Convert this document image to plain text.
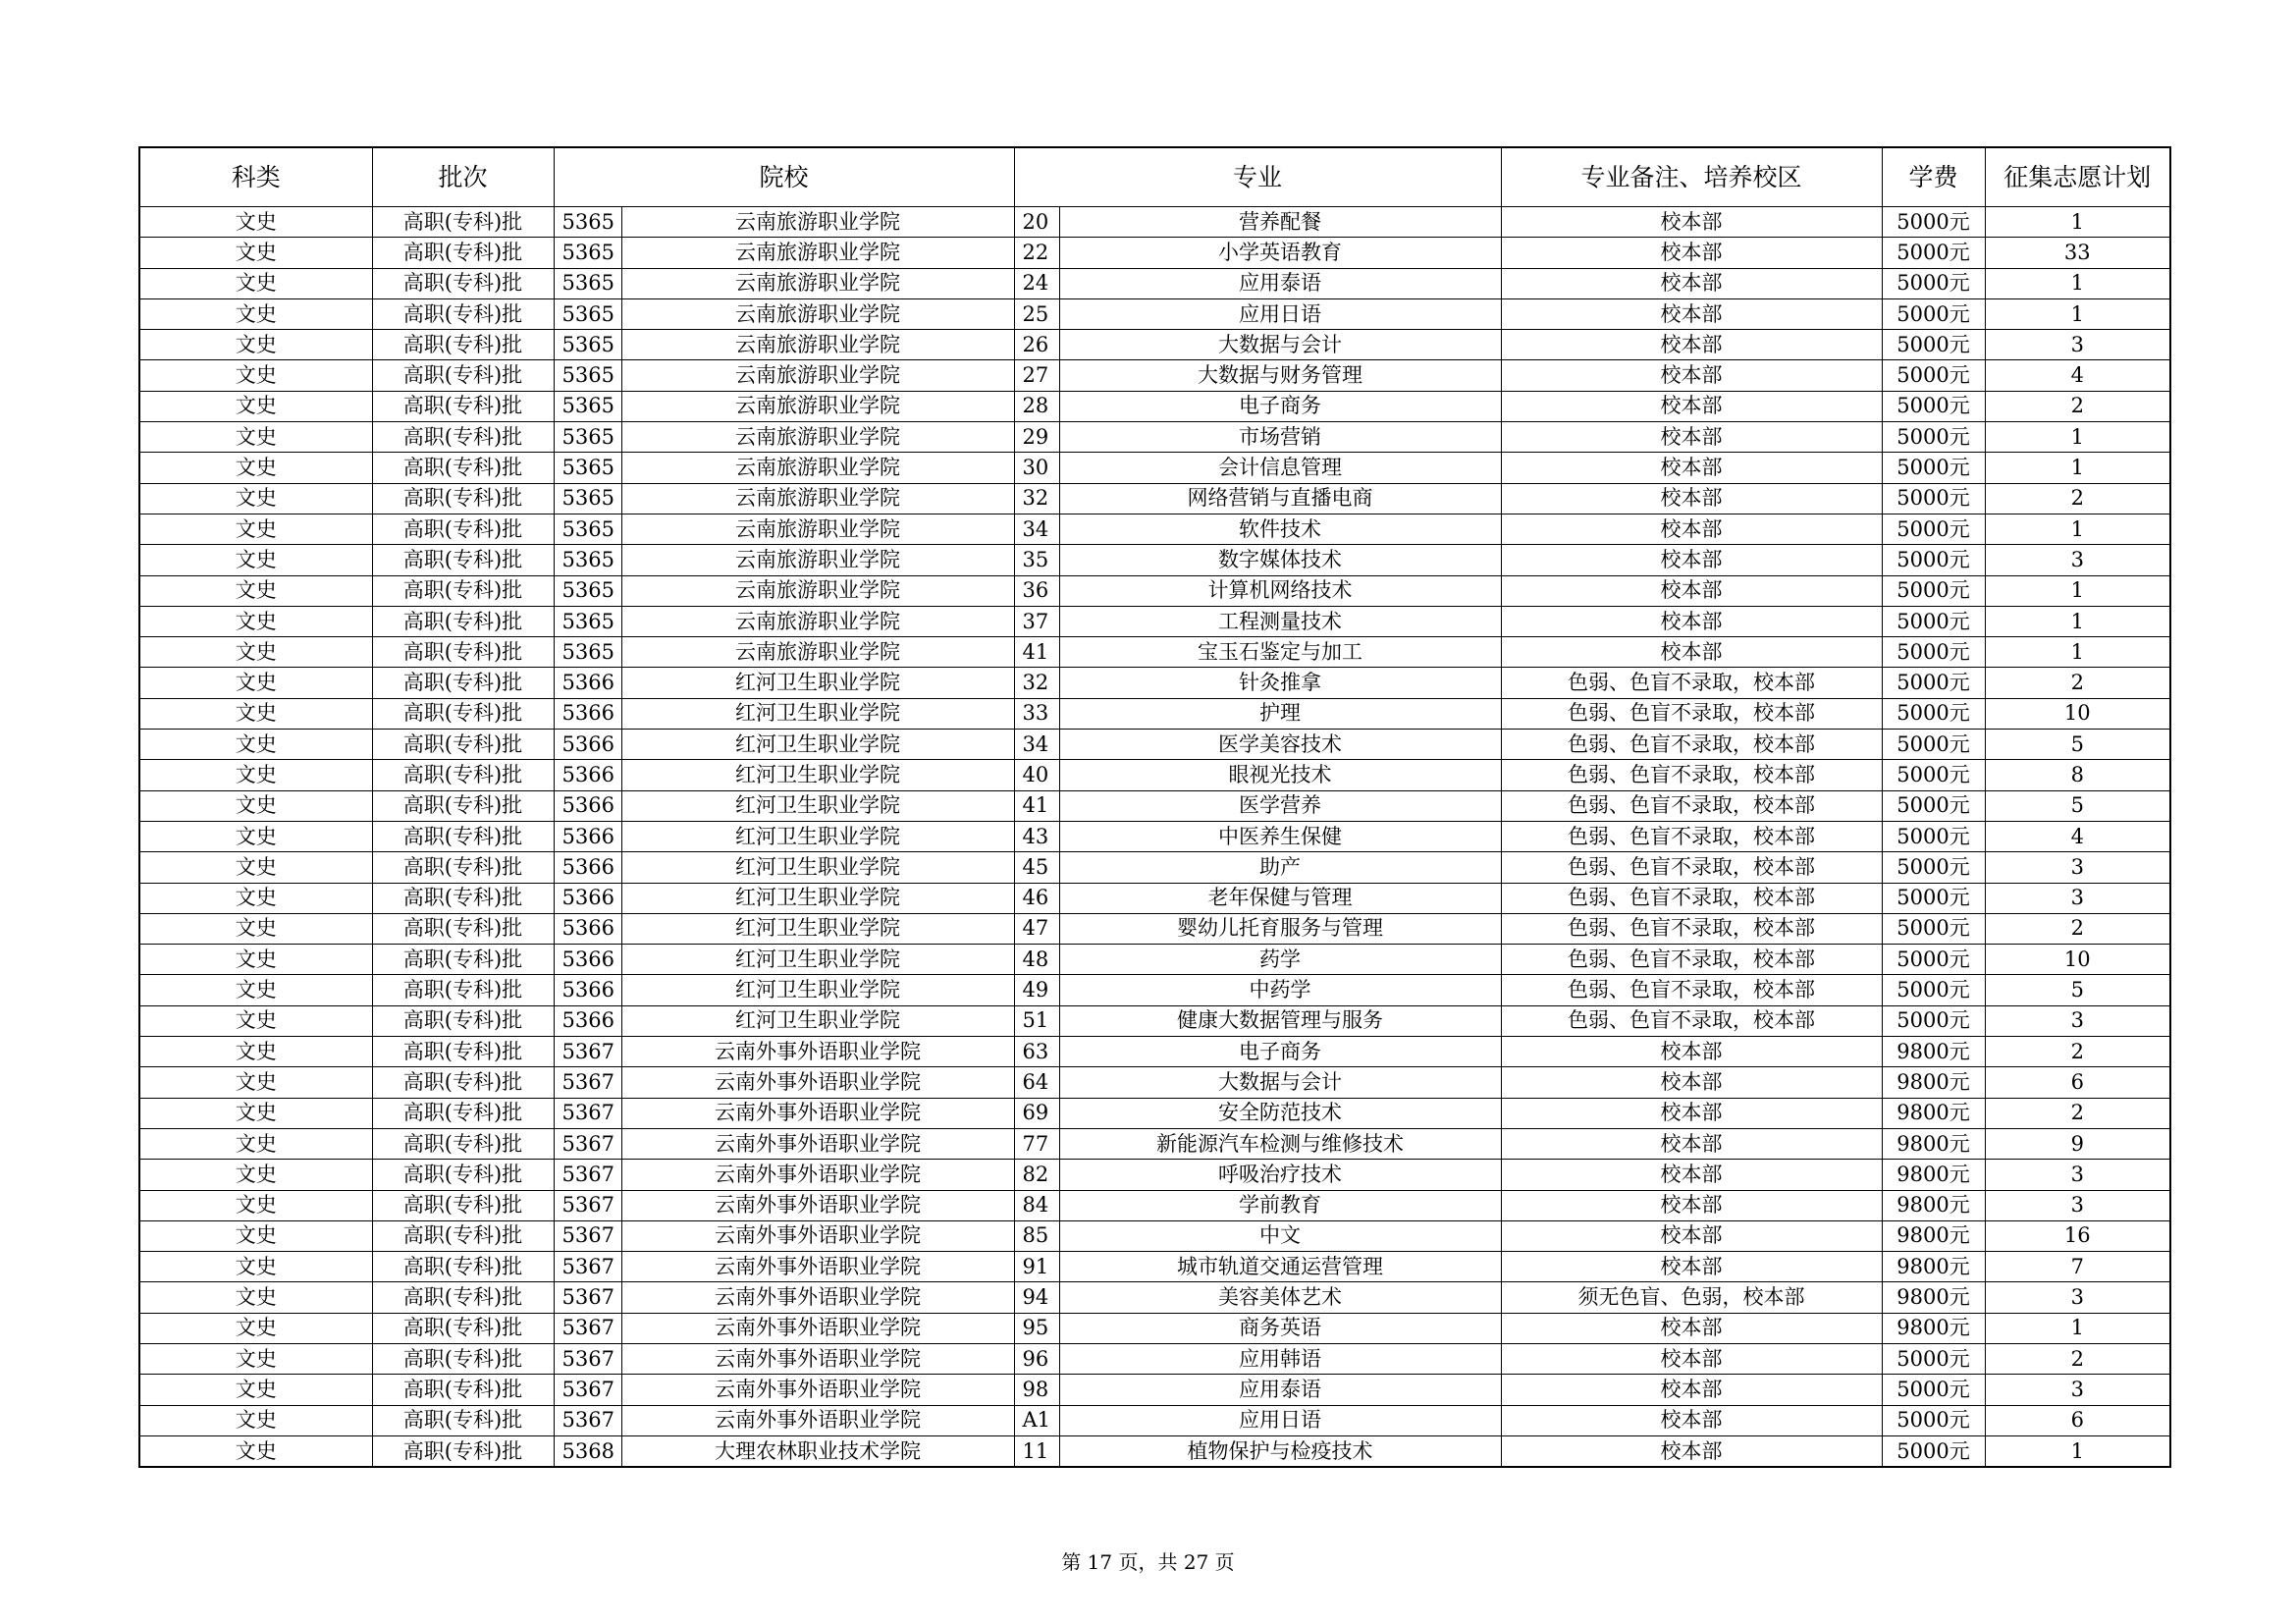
科类	批次	院校		专业		专业备注、培养校区	学费	征集志愿计划
文史	高职(专科)批	5365	云南旅游职业学院	20	营养配餐	校本部	5000元	1
文史	高职(专科)批	5365	云南旅游职业学院	22	小学英语教育	校本部	5000元	33
文史	高职(专科)批	5365	云南旅游职业学院	24	应用泰语	校本部	5000元	1
文史	高职(专科)批	5365	云南旅游职业学院	25	应用日语	校本部	5000元	1
文史	高职(专科)批	5365	云南旅游职业学院	26	大数据与会计	校本部	5000元	3
文史	高职(专科)批	5365	云南旅游职业学院	27	大数据与财务管理	校本部	5000元	4
文史	高职(专科)批	5365	云南旅游职业学院	28	电子商务	校本部	5000元	2
文史	高职(专科)批	5365	云南旅游职业学院	29	市场营销	校本部	5000元	1
文史	高职(专科)批	5365	云南旅游职业学院	30	会计信息管理	校本部	5000元	1
文史	高职(专科)批	5365	云南旅游职业学院	32	网络营销与直播电商	校本部	5000元	2
文史	高职(专科)批	5365	云南旅游职业学院	34	软件技术	校本部	5000元	1
文史	高职(专科)批	5365	云南旅游职业学院	35	数字媒体技术	校本部	5000元	3
文史	高职(专科)批	5365	云南旅游职业学院	36	计算机网络技术	校本部	5000元	1
文史	高职(专科)批	5365	云南旅游职业学院	37	工程测量技术	校本部	5000元	1
文史	高职(专科)批	5365	云南旅游职业学院	41	宝玉石鉴定与加工	校本部	5000元	1
文史	高职(专科)批	5366	红河卫生职业学院	32	针灸推拿	色弱、色盲不录取，校本部	5000元	2
文史	高职(专科)批	5366	红河卫生职业学院	33	护理	色弱、色盲不录取，校本部	5000元	10
文史	高职(专科)批	5366	红河卫生职业学院	34	医学美容技术	色弱、色盲不录取，校本部	5000元	5
文史	高职(专科)批	5366	红河卫生职业学院	40	眼视光技术	色弱、色盲不录取，校本部	5000元	8
文史	高职(专科)批	5366	红河卫生职业学院	41	医学营养	色弱、色盲不录取，校本部	5000元	5
文史	高职(专科)批	5366	红河卫生职业学院	43	中医养生保健	色弱、色盲不录取，校本部	5000元	4
文史	高职(专科)批	5366	红河卫生职业学院	45	助产	色弱、色盲不录取，校本部	5000元	3
文史	高职(专科)批	5366	红河卫生职业学院	46	老年保健与管理	色弱、色盲不录取，校本部	5000元	3
文史	高职(专科)批	5366	红河卫生职业学院	47	婴幼儿托育服务与管理	色弱、色盲不录取，校本部	5000元	2
文史	高职(专科)批	5366	红河卫生职业学院	48	药学	色弱、色盲不录取，校本部	5000元	10
文史	高职(专科)批	5366	红河卫生职业学院	49	中药学	色弱、色盲不录取，校本部	5000元	5
文史	高职(专科)批	5366	红河卫生职业学院	51	健康大数据管理与服务	色弱、色盲不录取，校本部	5000元	3
文史	高职(专科)批	5367	云南外事外语职业学院	63	电子商务	校本部	9800元	2
文史	高职(专科)批	5367	云南外事外语职业学院	64	大数据与会计	校本部	9800元	6
文史	高职(专科)批	5367	云南外事外语职业学院	69	安全防范技术	校本部	9800元	2
文史	高职(专科)批	5367	云南外事外语职业学院	77	新能源汽车检测与维修技术	校本部	9800元	9
文史	高职(专科)批	5367	云南外事外语职业学院	82	呼吸治疗技术	校本部	9800元	3
文史	高职(专科)批	5367	云南外事外语职业学院	84	学前教育	校本部	9800元	3
文史	高职(专科)批	5367	云南外事外语职业学院	85	中文	校本部	9800元	16
文史	高职(专科)批	5367	云南外事外语职业学院	91	城市轨道交通运营管理	校本部	9800元	7
文史	高职(专科)批	5367	云南外事外语职业学院	94	美容美体艺术	须无色盲、色弱，校本部	9800元	3
文史	高职(专科)批	5367	云南外事外语职业学院	95	商务英语	校本部	9800元	1
文史	高职(专科)批	5367	云南外事外语职业学院	96	应用韩语	校本部	5000元	2
文史	高职(专科)批	5367	云南外事外语职业学院	98	应用泰语	校本部	5000元	3
文史	高职(专科)批	5367	云南外事外语职业学院	A1	应用日语	校本部	5000元	6
文史	高职(专科)批	5368	大理农林职业技术学院	11	植物保护与检疫技术	校本部	5000元	1
第 17 页，共 27 页
